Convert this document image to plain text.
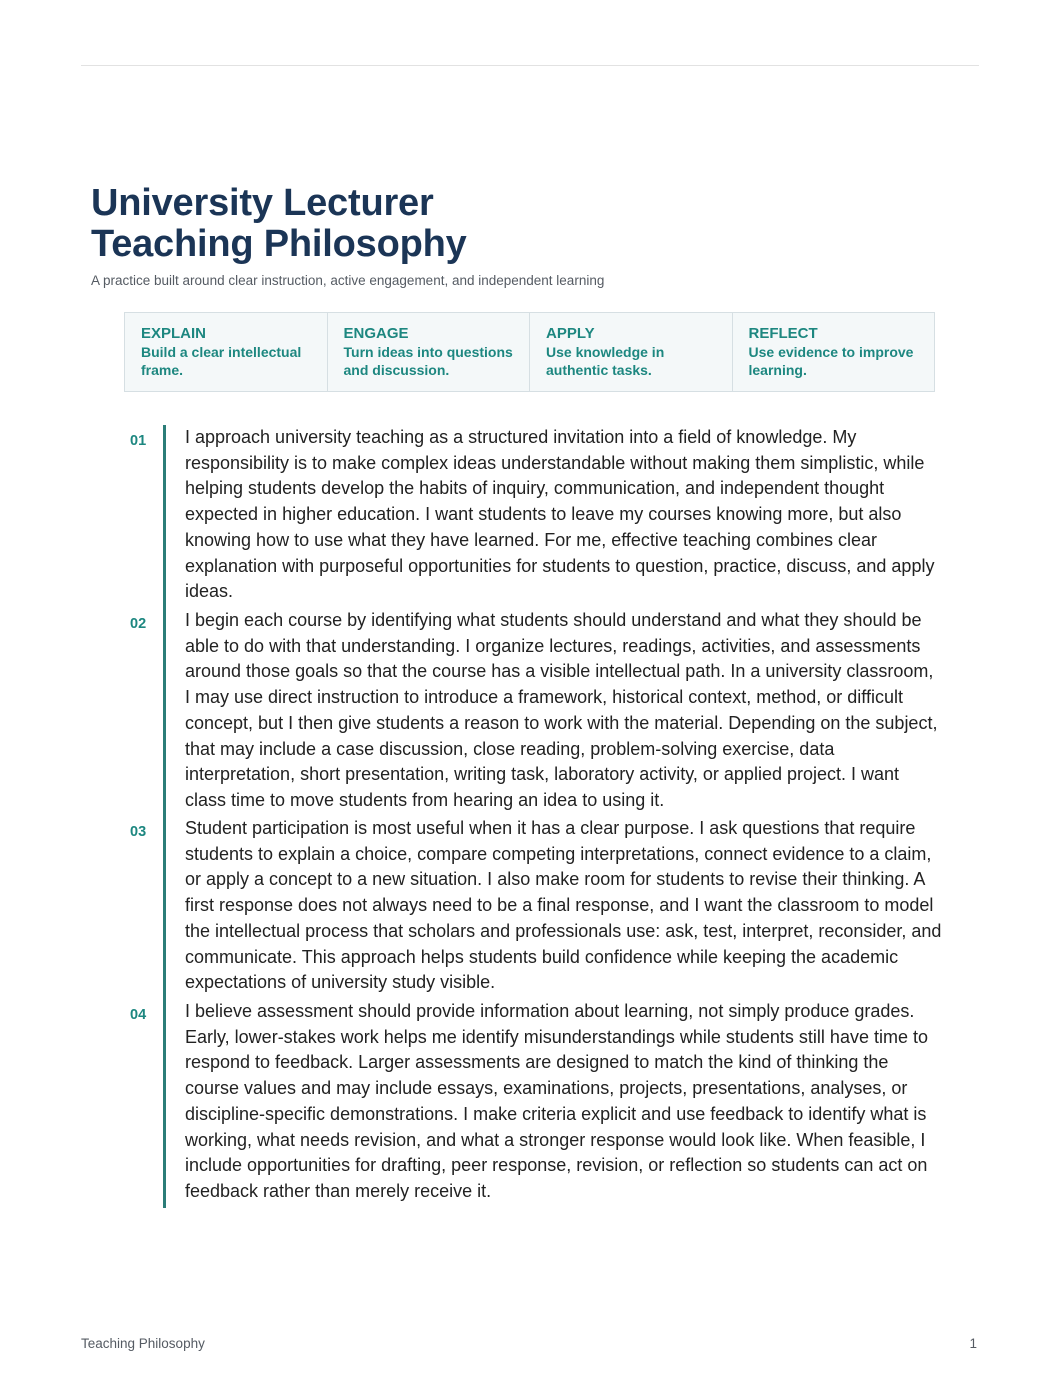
University Lecturer
Teaching Philosophy
A practice built around clear instruction, active engagement, and independent learning
EXPLAIN
Build a clear intellectual frame.
ENGAGE
Turn ideas into questions and discussion.
APPLY
Use knowledge in authentic tasks.
REFLECT
Use evidence to improve learning.
01 I approach university teaching as a structured invitation into a field of knowledge. My responsibility is to make complex ideas understandable without making them simplistic, while helping students develop the habits of inquiry, communication, and independent thought expected in higher education. I want students to leave my courses knowing more, but also knowing how to use what they have learned. For me, effective teaching combines clear explanation with purposeful opportunities for students to question, practice, discuss, and apply ideas.

02 I begin each course by identifying what students should understand and what they should be able to do with that understanding. I organize lectures, readings, activities, and assessments around those goals so that the course has a visible intellectual path. In a university classroom, I may use direct instruction to introduce a framework, historical context, method, or difficult concept, but I then give students a reason to work with the material. Depending on the subject, that may include a case discussion, close reading, problem-solving exercise, data interpretation, short presentation, writing task, laboratory activity, or applied project. I want class time to move students from hearing an idea to using it.

03 Student participation is most useful when it has a clear purpose. I ask questions that require students to explain a choice, compare competing interpretations, connect evidence to a claim, or apply a concept to a new situation. I also make room for students to revise their thinking. A first response does not always need to be a final response, and I want the classroom to model the intellectual process that scholars and professionals use: ask, test, interpret, reconsider, and communicate. This approach helps students build confidence while keeping the academic expectations of university study visible.

04 I believe assessment should provide information about learning, not simply produce grades. Early, lower-stakes work helps me identify misunderstandings while students still have time to respond to feedback. Larger assessments are designed to match the kind of thinking the course values and may include essays, examinations, projects, presentations, analyses, or discipline-specific demonstrations. I make criteria explicit and use feedback to identify what is working, what needs revision, and what a stronger response would look like. When feasible, I include opportunities for drafting, peer response, revision, or reflection so students can act on feedback rather than merely receive it.

Teaching Philosophy	1
